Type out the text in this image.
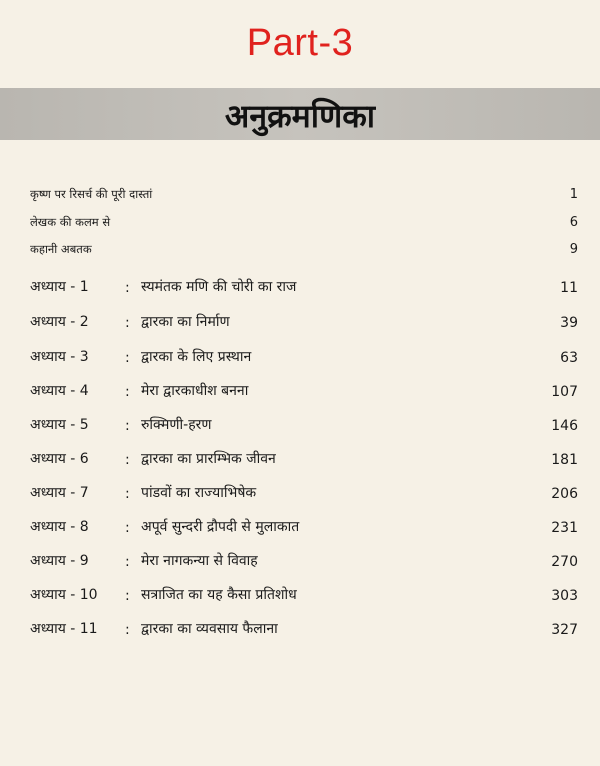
Part-3
अनुक्रमणिका
कृष्ण पर रिसर्च की पूरी दास्तां	1
लेखक की कलम से	6
कहानी अबतक	9
अध्याय - 1	: स्यमंतक मणि की चोरी का राज	11
अध्याय - 2	: द्वारका का निर्माण	39
अध्याय - 3	: द्वारका के लिए प्रस्थान	63
अध्याय - 4	: मेरा द्वारकाधीश बनना	107
अध्याय - 5	: रुक्मिणी-हरण	146
अध्याय - 6	: द्वारका का प्रारम्भिक जीवन	181
अध्याय - 7	: पांडवों का राज्याभिषेक	206
अध्याय - 8	: अपूर्व सुन्दरी द्रौपदी से मुलाकात	231
अध्याय - 9	: मेरा नागकन्या से विवाह	270
अध्याय - 10	: सत्राजित का यह कैसा प्रतिशोध	303
अध्याय - 11	: द्वारका का व्यवसाय फैलाना	327
